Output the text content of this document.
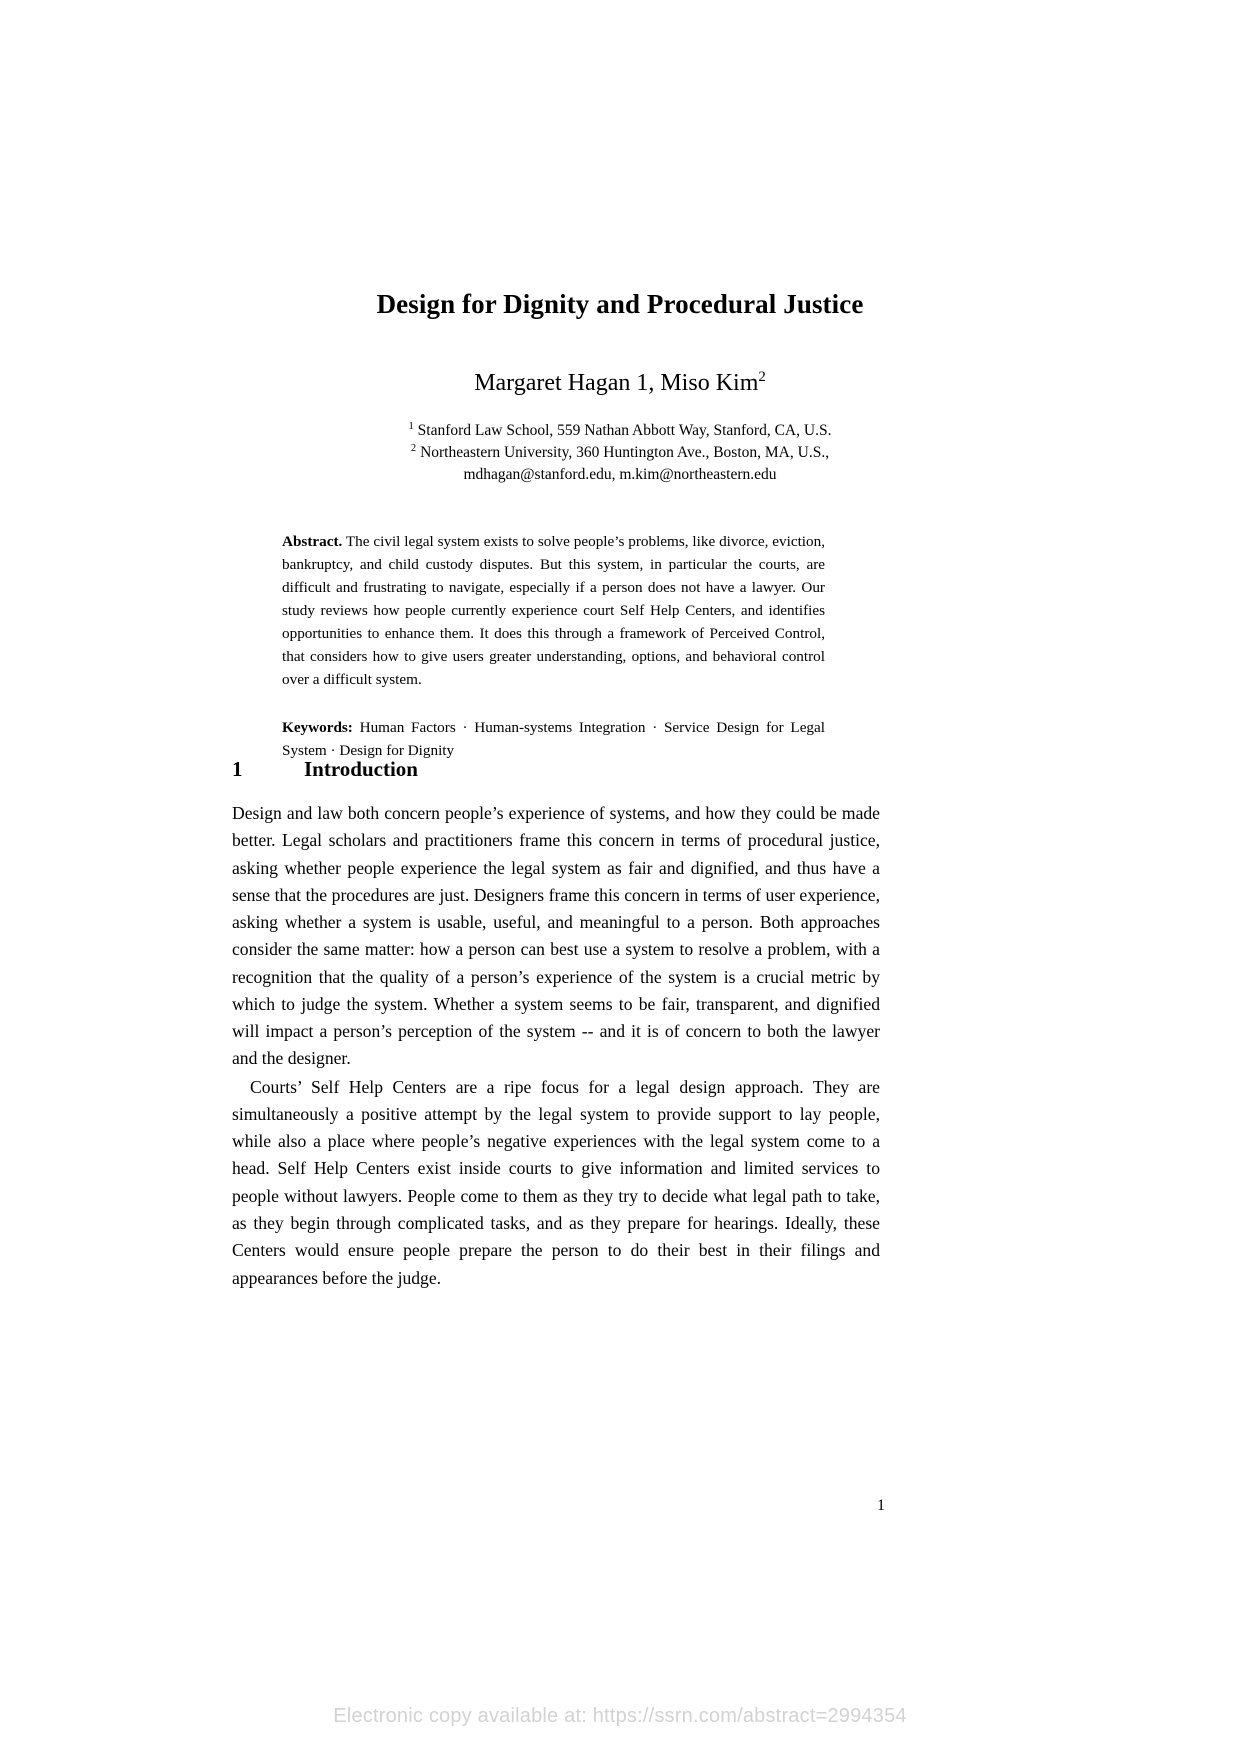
Design for Dignity and Procedural Justice
Margaret Hagan 1, Miso Kim$^2$
$^1$ Stanford Law School, 559 Nathan Abbott Way, Stanford, CA, U.S.
$^2$ Northeastern University, 360 Huntington Ave., Boston, MA, U.S.,
mdhagan@stanford.edu, m.kim@northeastern.edu

Abstract. The civil legal system exists to solve people’s problems, like divorce, eviction, bankruptcy, and child custody disputes. But this system, in particular the courts, are difficult and frustrating to navigate, especially if a person does not have a lawyer. Our study reviews how people currently experience court Self Help Centers, and identifies opportunities to enhance them. It does this through a framework of Perceived Control, that considers how to give users greater understanding, options, and behavioral control over a difficult system.

Keywords: Human Factors · Human-systems Integration · Service Design for Legal System · Design for Dignity

1	Introduction

Design and law both concern people’s experience of systems, and how they could be made better. Legal scholars and practitioners frame this concern in terms of procedural justice, asking whether people experience the legal system as fair and dignified, and thus have a sense that the procedures are just. Designers frame this concern in terms of user experience, asking whether a system is usable, useful, and meaningful to a person. Both approaches consider the same matter: how a person can best use a system to resolve a problem, with a recognition that the quality of a person’s experience of the system is a crucial metric by which to judge the system. Whether a system seems to be fair, transparent, and dignified will impact a person’s perception of the system -- and it is of concern to both the lawyer and the designer.

Courts’ Self Help Centers are a ripe focus for a legal design approach. They are simultaneously a positive attempt by the legal system to provide support to lay people, while also a place where people’s negative experiences with the legal system come to a head. Self Help Centers exist inside courts to give information and limited services to people without lawyers. People come to them as they try to decide what legal path to take, as they begin through complicated tasks, and as they prepare for hearings. Ideally, these Centers would ensure people prepare the person to do their best in their filings and appearances before the judge.

1
Electronic copy available at: https://ssrn.com/abstract=2994354
